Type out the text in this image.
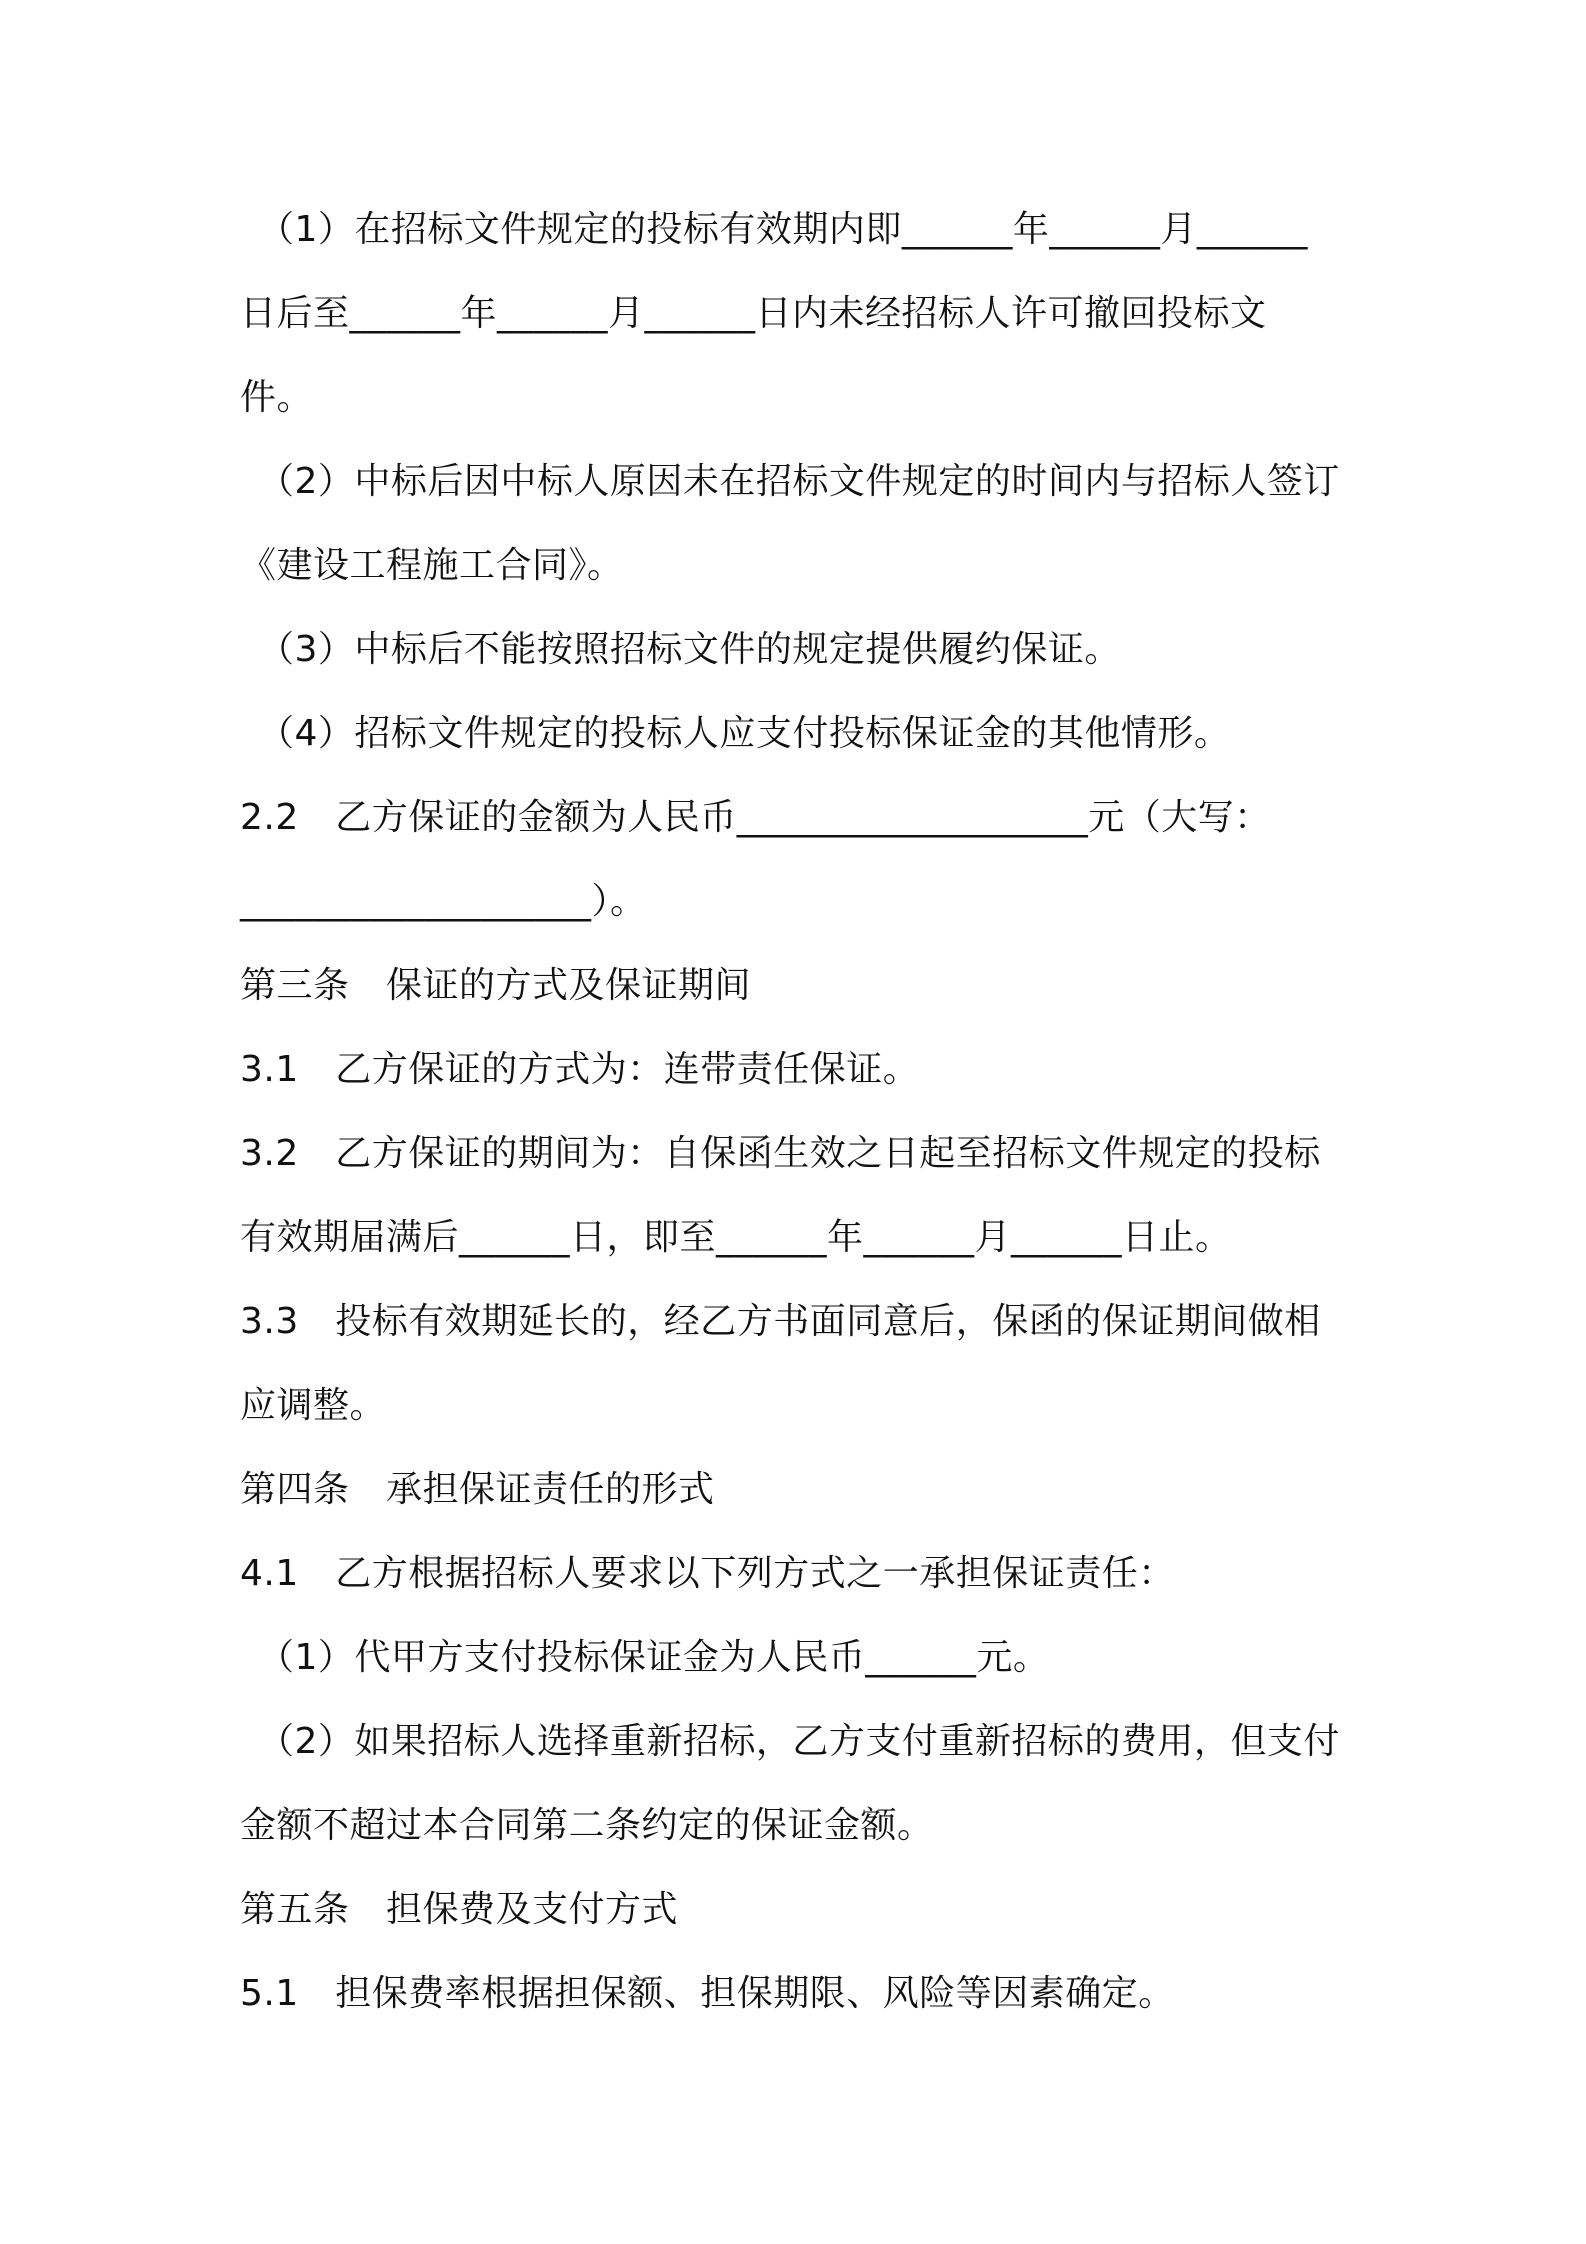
（1）在招标文件规定的投标有效期内即______年______月______
日后至______年______月______日内未经招标人许可撤回投标文
件。
（2）中标后因中标人原因未在招标文件规定的时间内与招标人签订
《建设工程施工合同》。
（3）中标后不能按照招标文件的规定提供履约保证。
（4）招标文件规定的投标人应支付投标保证金的其他情形。
2.2　乙方保证的金额为人民币___________________元（大写：
___________________）。
第三条　保证的方式及保证期间
3.1　乙方保证的方式为：连带责任保证。
3.2　乙方保证的期间为：自保函生效之日起至招标文件规定的投标
有效期届满后______日，即至______年______月______日止。
3.3　投标有效期延长的，经乙方书面同意后，保函的保证期间做相
应调整。
第四条　承担保证责任的形式
4.1　乙方根据招标人要求以下列方式之一承担保证责任：
（1）代甲方支付投标保证金为人民币______元。
（2）如果招标人选择重新招标，乙方支付重新招标的费用，但支付
金额不超过本合同第二条约定的保证金额。
第五条　担保费及支付方式
5.1　担保费率根据担保额、担保期限、风险等因素确定。
